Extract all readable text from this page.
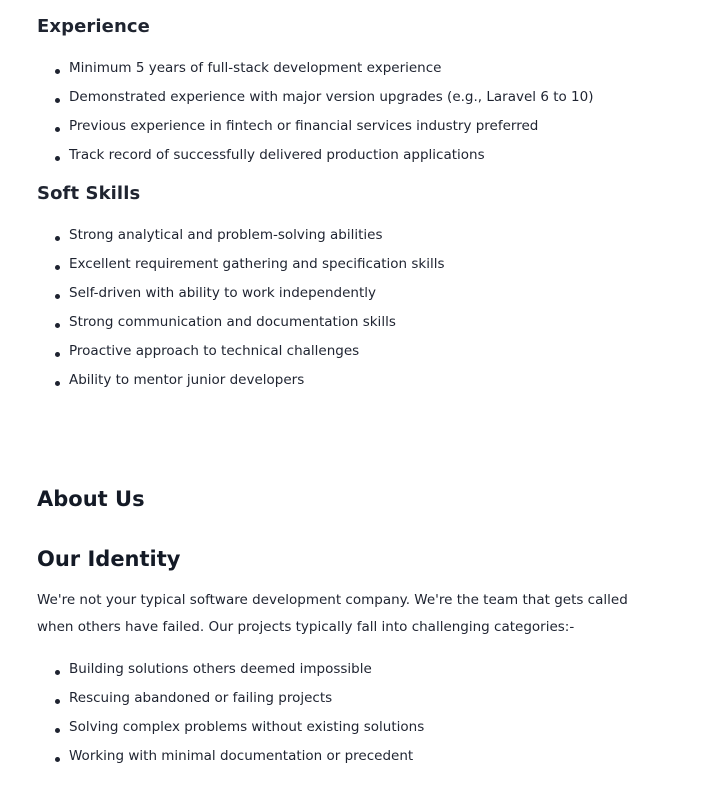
Experience
Minimum 5 years of full-stack development experience
Demonstrated experience with major version upgrades (e.g., Laravel 6 to 10)
Previous experience in fintech or financial services industry preferred
Track record of successfully delivered production applications
Soft Skills
Strong analytical and problem-solving abilities
Excellent requirement gathering and specification skills
Self-driven with ability to work independently
Strong communication and documentation skills
Proactive approach to technical challenges
Ability to mentor junior developers
About Us
Our Identity

We're not your typical software development company. We're the team that gets called when others have failed. Our projects typically fall into challenging categories:-

Building solutions others deemed impossible
Rescuing abandoned or failing projects
Solving complex problems without existing solutions
Working with minimal documentation or precedent
